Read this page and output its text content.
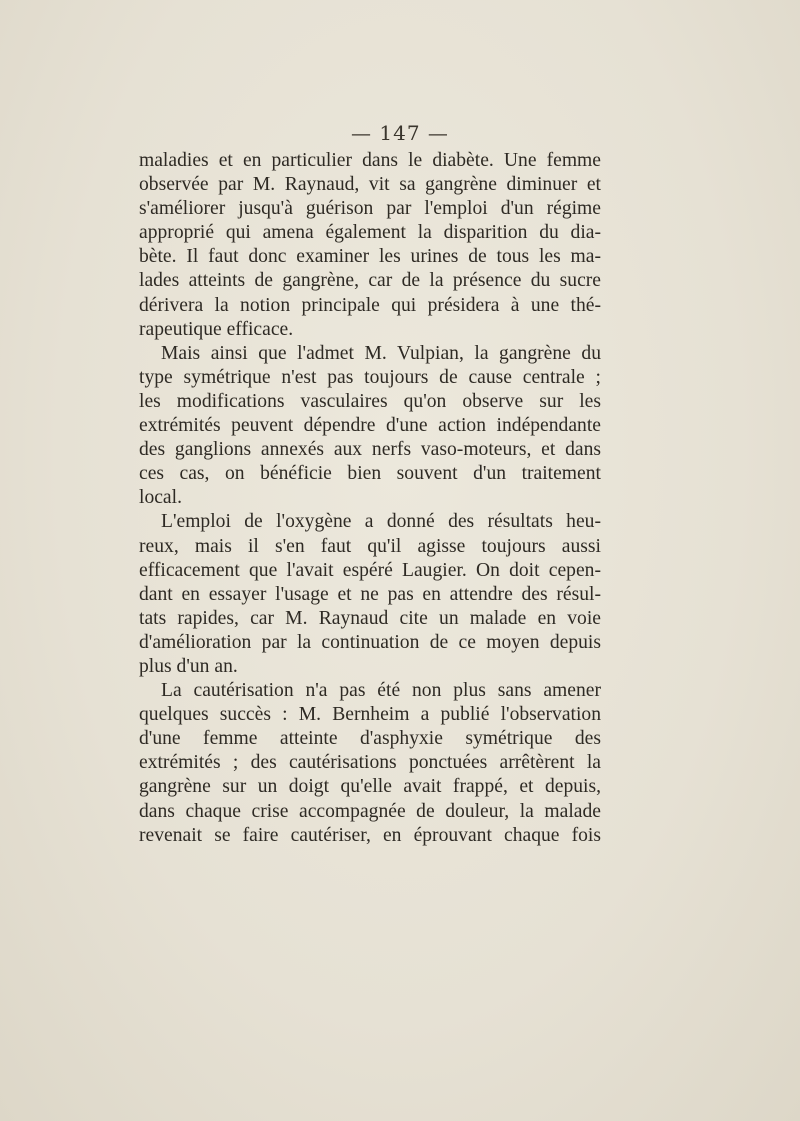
— 147 —

maladies et en particulier dans le diabète. Une femme
observée par M. Raynaud, vit sa gangrène diminuer et
s'améliorer jusqu'à guérison par l'emploi d'un régime
approprié qui amena également la disparition du dia-
bète. Il faut donc examiner les urines de tous les ma-
lades atteints de gangrène, car de la présence du sucre
dérivera la notion principale qui présidera à une thé-
rapeutique efficace.

Mais ainsi que l'admet M. Vulpian, la gangrène du
type symétrique n'est pas toujours de cause centrale ;
les modifications vasculaires qu'on observe sur les
extrémités peuvent dépendre d'une action indépendante
des ganglions annexés aux nerfs vaso-moteurs, et dans
ces cas, on bénéficie bien souvent d'un traitement
local.

L'emploi de l'oxygène a donné des résultats heu-
reux, mais il s'en faut qu'il agisse toujours aussi
efficacement que l'avait espéré Laugier. On doit cepen-
dant en essayer l'usage et ne pas en attendre des résul-
tats rapides, car M. Raynaud cite un malade en voie
d'amélioration par la continuation de ce moyen depuis
plus d'un an.

La cautérisation n'a pas été non plus sans amener
quelques succès : M. Bernheim a publié l'observation
d'une femme atteinte d'asphyxie symétrique des
extrémités ; des cautérisations ponctuées arrêtèrent la
gangrène sur un doigt qu'elle avait frappé, et depuis,
dans chaque crise accompagnée de douleur, la malade
revenait se faire cautériser, en éprouvant chaque fois
